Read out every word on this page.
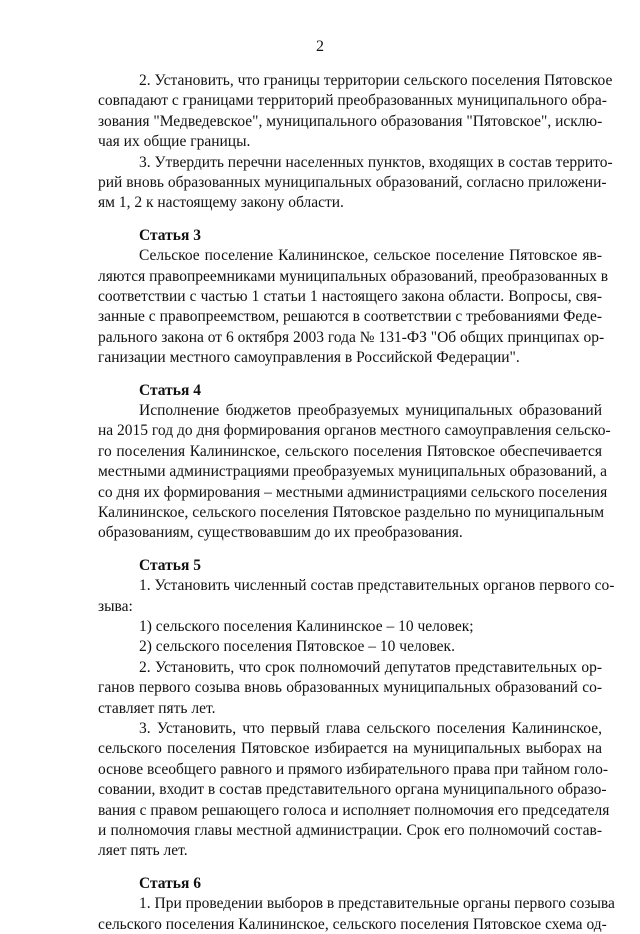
2
2. Установить, что границы территории сельского поселения Пятовское
совпадают с границами территорий преобразованных муниципального обра-
зования "Медведевское", муниципального образования "Пятовское", исклю-
чая их общие границы.
3. Утвердить перечни населенных пунктов, входящих в состав террито-
рий вновь образованных муниципальных образований, согласно приложени-
ям 1, 2 к настоящему закону области.
Статья 3
Сельское поселение Калининское, сельское поселение Пятовское яв-
ляются правопреемниками муниципальных образований, преобразованных в
соответствии с частью 1 статьи 1 настоящего закона области. Вопросы, свя-
занные с правопреемством, решаются в соответствии с требованиями Феде-
рального закона от 6 октября 2003 года № 131-ФЗ "Об общих принципах ор-
ганизации местного самоуправления в Российской Федерации".
Статья 4
Исполнение бюджетов преобразуемых муниципальных образований
на 2015 год до дня формирования органов местного самоуправления сельско-
го поселения Калининское, сельского поселения Пятовское обеспечивается
местными администрациями преобразуемых муниципальных образований, а
со дня их формирования – местными администрациями сельского поселения
Калининское, сельского поселения Пятовское раздельно по муниципальным
образованиям, существовавшим до их преобразования.
Статья 5
1. Установить численный состав представительных органов первого со-
зыва:
1) сельского поселения Калининское – 10 человек;
2) сельского поселения Пятовское – 10 человек.
2. Установить, что срок полномочий депутатов представительных ор-
ганов первого созыва вновь образованных муниципальных образований со-
ставляет пять лет.
3. Установить, что первый глава сельского поселения Калининское,
сельского поселения Пятовское избирается на муниципальных выборах на
основе всеобщего равного и прямого избирательного права при тайном голо-
совании, входит в состав представительного органа муниципального образо-
вания с правом решающего голоса и исполняет полномочия его председателя
и полномочия главы местной администрации. Срок его полномочий состав-
ляет пять лет.
Статья 6
1. При проведении выборов в представительные органы первого созыва
сельского поселения Калининское, сельского поселения Пятовское схема од-
